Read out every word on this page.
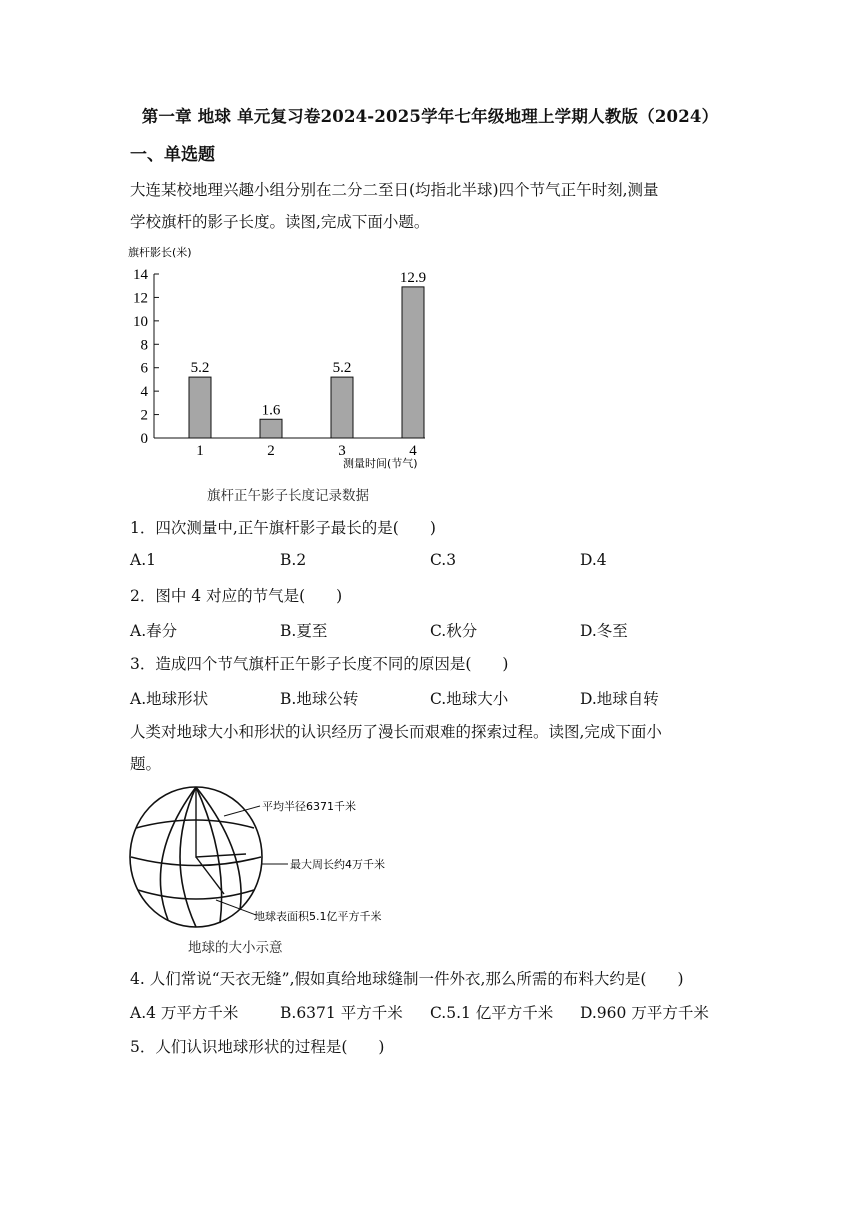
第一章 地球 单元复习卷2024-2025学年七年级地理上学期人教版（2024）
一、单选题
大连某校地理兴趣小组分别在二分二至日(均指北半球)四个节气正午时刻,测量
学校旗杆的影子长度。读图,完成下面小题。
旗杆影长(米)
0
2
4
6
8
10
12
14
5.2
1
1.6
2
5.2
3
12.9
4
测量时间(节气)
旗杆正午影子长度记录数据
1．四次测量中,正午旗杆影子最长的是(　　)
A.1	B.2	C.3	D.4
2．图中 4 对应的节气是(　　)
A.春分	B.夏至	C.秋分	D.冬至
3．造成四个节气旗杆正午影子长度不同的原因是(　　)
A.地球形状	B.地球公转	C.地球大小	D.地球自转
人类对地球大小和形状的认识经历了漫长而艰难的探索过程。读图,完成下面小
题。
平均半径6371千米
最大周长约4万千米
地球表面积5.1亿平方千米
地球的大小示意
4. 人们常说“天衣无缝”,假如真给地球缝制一件外衣,那么所需的布料大约是(　　)
A.4 万平方千米	B.6371 平方千米 C.5.1 亿平方千米 D.960 万平方千米
5．人们认识地球形状的过程是(　　)
